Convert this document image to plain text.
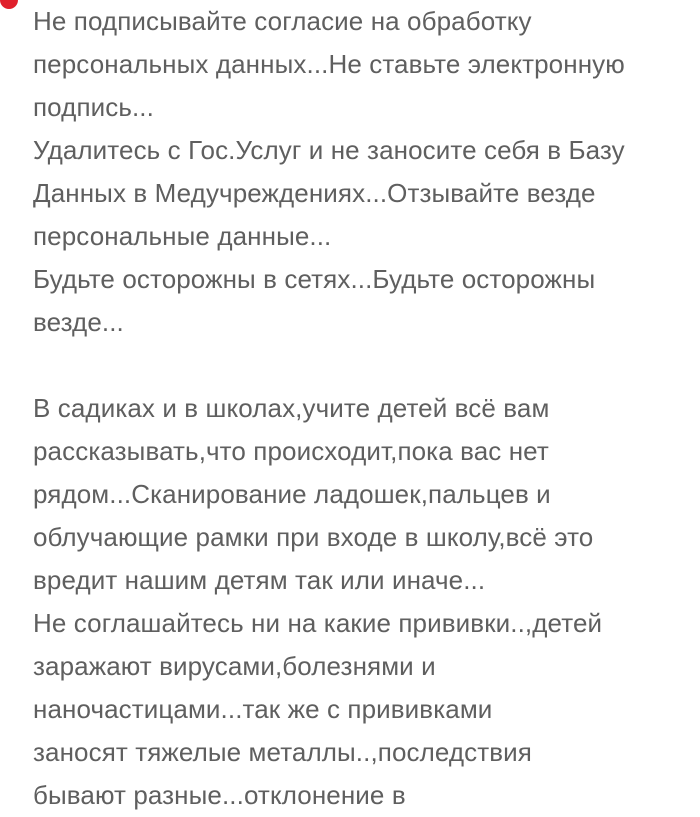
Не подписывайте согласие на обработку
персональных данных...Не ставьте электронную
подпись...
Удалитесь с Гос.Услуг и не заносите себя в Базу
Данных в Медучреждениях...Отзывайте везде
персональные данные...
Будьте осторожны в сетях...Будьте осторожны
везде...
В садиках и в школах,учите детей всё вам
рассказывать,что происходит,пока вас нет
рядом...Сканирование ладошек,пальцев и
облучающие рамки при входе в школу,всё это
вредит нашим детям так или иначе...
Не соглашайтесь ни на какие прививки..,детей
заражают вирусами,болезнями и
наночастицами...так же с прививками
заносят тяжелые металлы..,последствия
бывают разные...отклонение в
